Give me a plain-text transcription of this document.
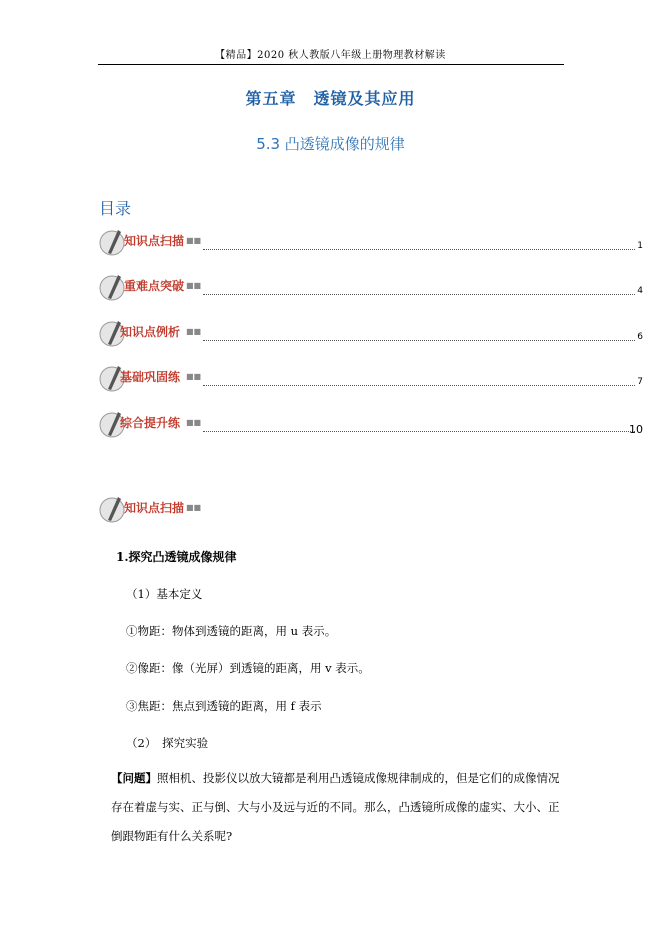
【精品】2020 秋人教版八年级上册物理教材解读
第五章　透镜及其应用
5.3 凸透镜成像的规律
目录
知识点扫描 ■■
1
重难点突破 ■■
4
知识点例析 ■■
6
基础巩固练 ■■
7
综合提升练 ■■
10
知识点扫描 ■■
1.探究凸透镜成像规律
（1）基本定义
①物距：物体到透镜的距离，用 u 表示。
②像距：像（光屏）到透镜的距离，用 v 表示。
③焦距：焦点到透镜的距离，用 f 表示
（2）　探究实验
【问题】照相机、投影仪以放大镜都是利用凸透镜成像规律制成的，但是它们的成像情况存在着虚与实、正与倒、大与小及远与近的不同。那么，凸透镜所成像的虚实、大小、正倒跟物距有什么关系呢?
